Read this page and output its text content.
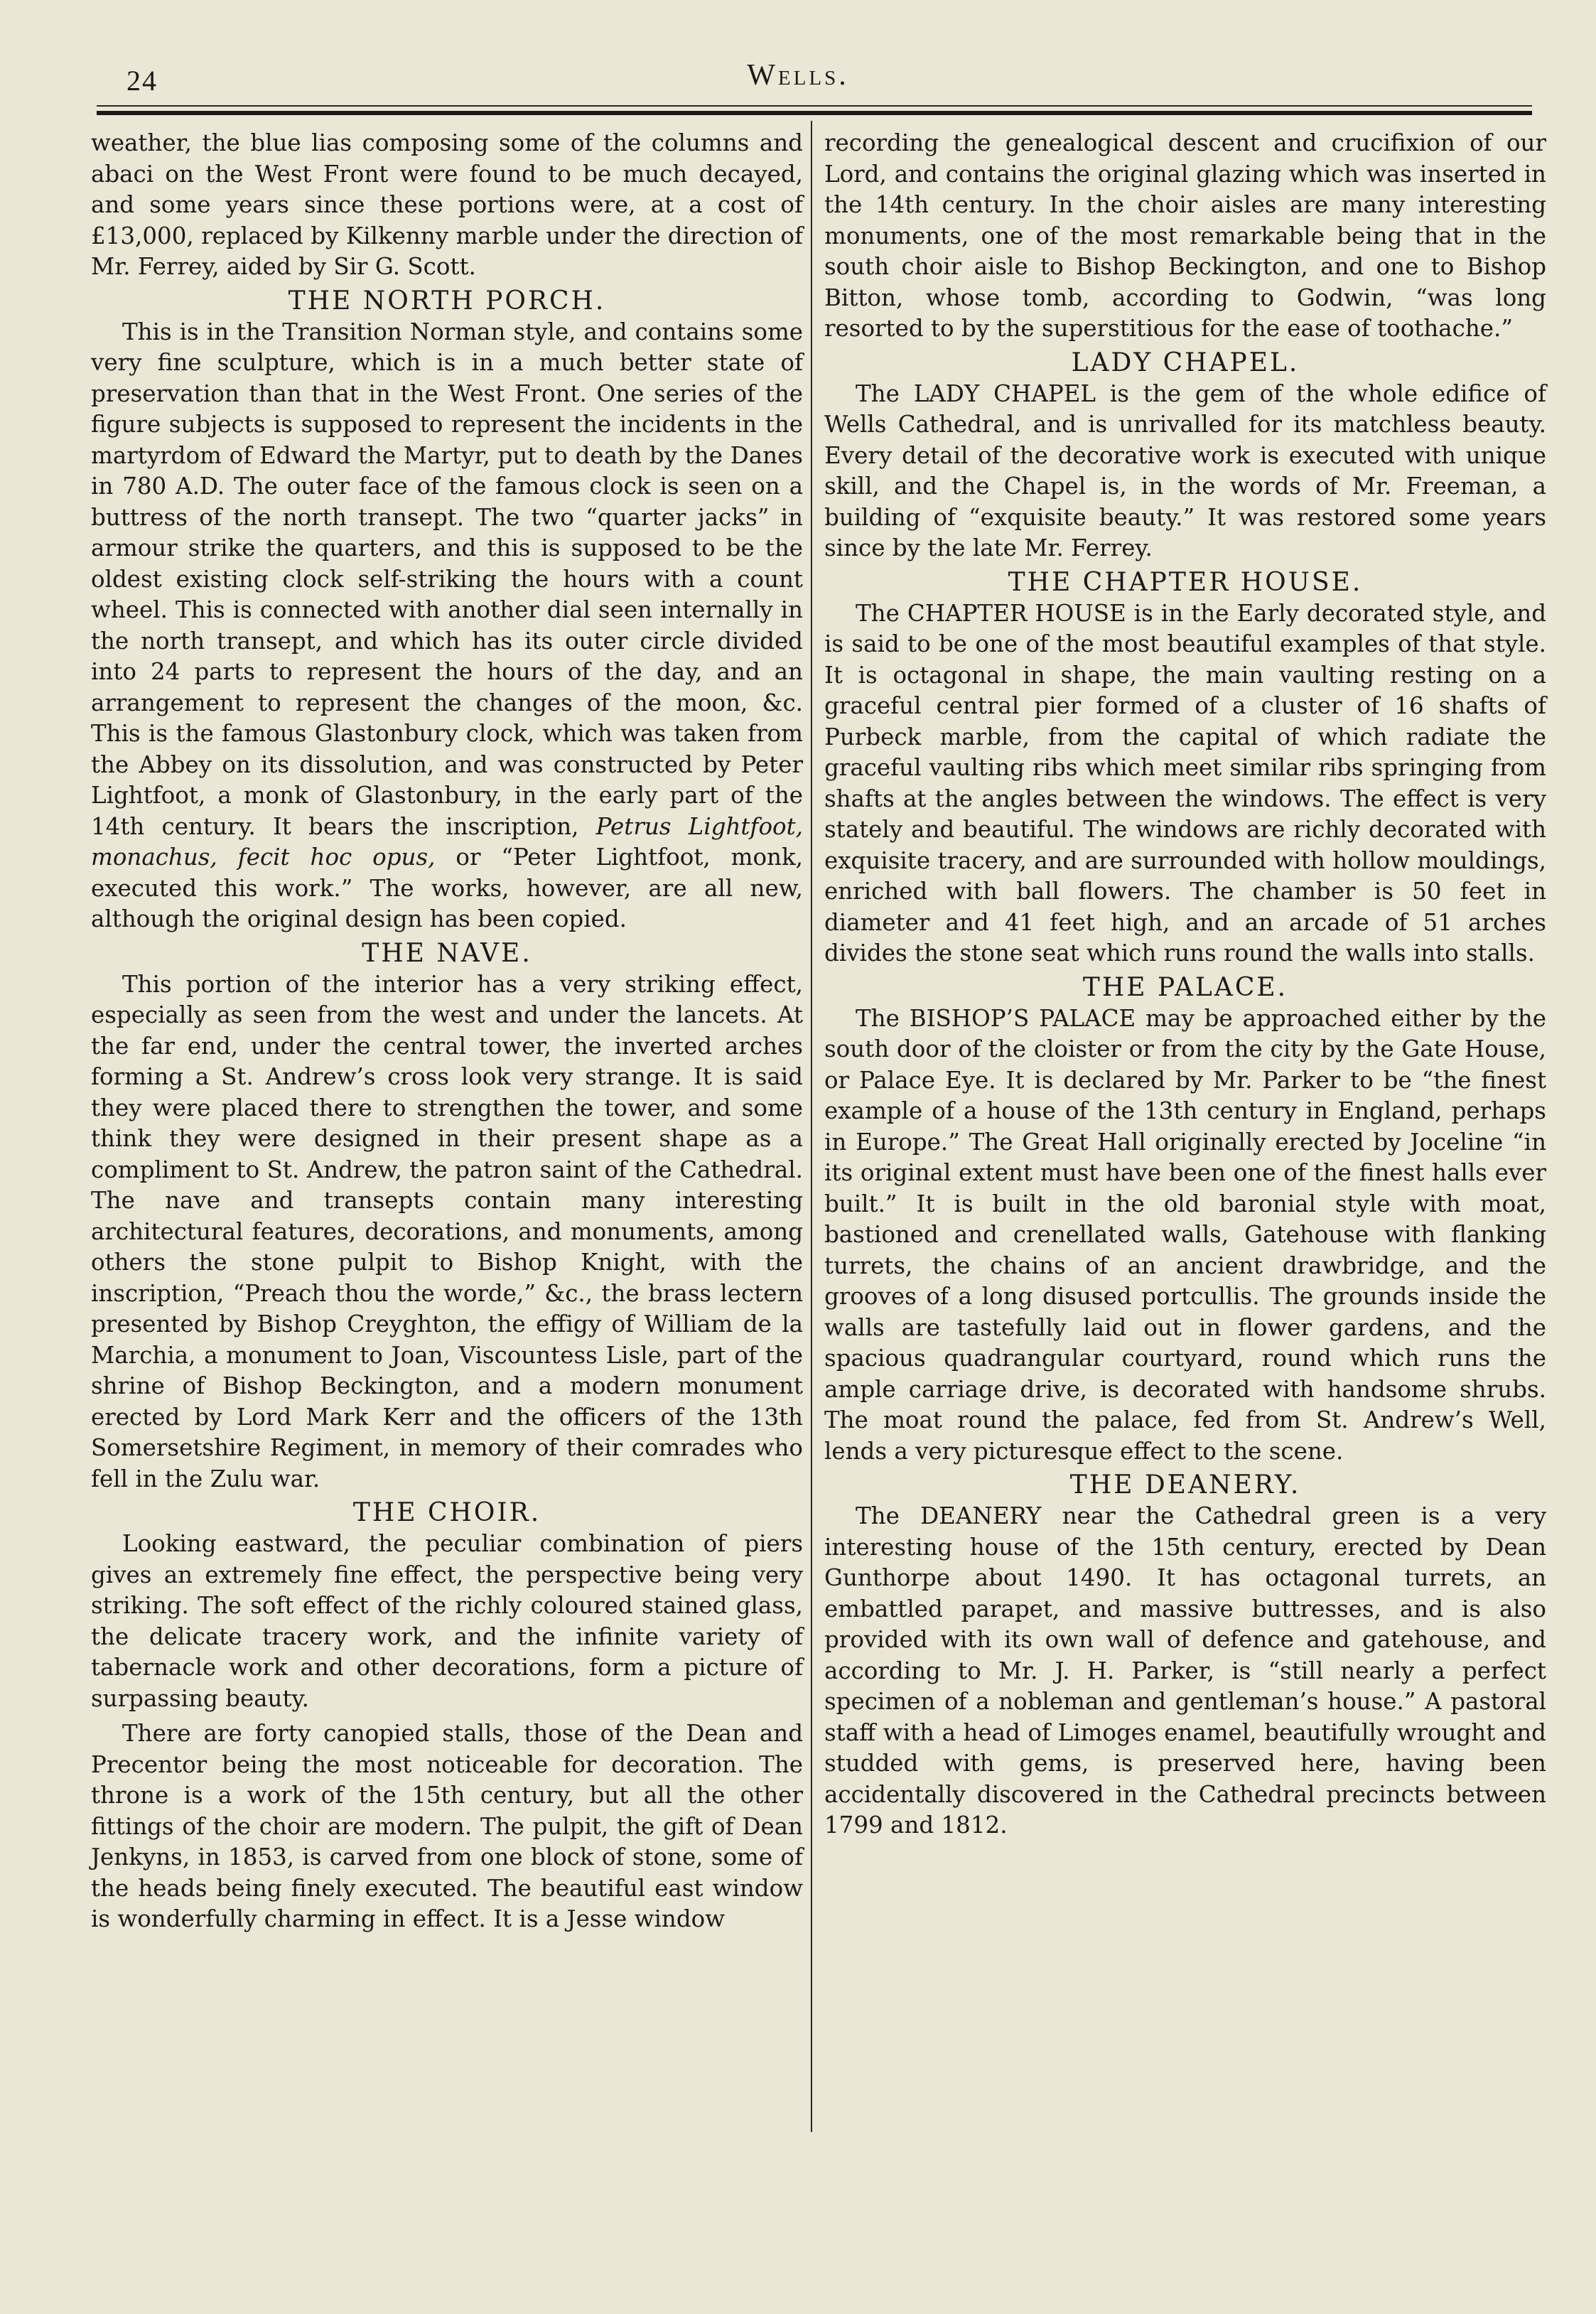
24	Wells.

weather, the blue lias composing some of the columns and abaci on the West Front were found to be much decayed, and some years since these portions were, at a cost of £13,000, replaced by Kilkenny marble under the direction of Mr. Ferrey, aided by Sir G. Scott.

THE NORTH PORCH.

This is in the Transition Norman style, and contains some very fine sculpture, which is in a much better state of preservation than that in the West Front. One series of the figure subjects is supposed to represent the incidents in the martyrdom of Edward the Martyr, put to death by the Danes in 780 A.D. The outer face of the famous clock is seen on a buttress of the north transept. The two “quarter jacks” in armour strike the quarters, and this is supposed to be the oldest existing clock self-striking the hours with a count wheel. This is connected with another dial seen internally in the north transept, and which has its outer circle divided into 24 parts to represent the hours of the day, and an arrangement to represent the changes of the moon, &c. This is the famous Glastonbury clock, which was taken from the Abbey on its dissolution, and was constructed by Peter Lightfoot, a monk of Glastonbury, in the early part of the 14th century. It bears the inscription, Petrus Lightfoot, monachus, fecit hoc opus, or “Peter Lightfoot, monk, executed this work.” The works, however, are all new, although the original design has been copied.

THE NAVE.

This portion of the interior has a very striking effect, especially as seen from the west and under the lancets. At the far end, under the central tower, the inverted arches forming a St. Andrew’s cross look very strange. It is said they were placed there to strengthen the tower, and some think they were designed in their present shape as a compliment to St. Andrew, the patron saint of the Cathedral. The nave and transepts contain many interesting architectural features, decorations, and monuments, among others the stone pulpit to Bishop Knight, with the inscription, “Preach thou the worde,” &c., the brass lectern presented by Bishop Creyghton, the effigy of William de la Marchia, a monument to Joan, Viscountess Lisle, part of the shrine of Bishop Beckington, and a modern monument erected by Lord Mark Kerr and the officers of the 13th Somersetshire Regiment, in memory of their comrades who fell in the Zulu war.

THE CHOIR.

Looking eastward, the peculiar combination of piers gives an extremely fine effect, the perspective being very striking. The soft effect of the richly coloured stained glass, the delicate tracery work, and the infinite variety of tabernacle work and other decorations, form a picture of surpassing beauty.

There are forty canopied stalls, those of the Dean and Precentor being the most noticeable for decoration. The throne is a work of the 15th century, but all the other fittings of the choir are modern. The pulpit, the gift of Dean Jenkyns, in 1853, is carved from one block of stone, some of the heads being finely executed. The beautiful east window is wonderfully charming in effect. It is a Jesse window

recording the genealogical descent and crucifixion of our Lord, and contains the original glazing which was inserted in the 14th century. In the choir aisles are many interesting monuments, one of the most remarkable being that in the south choir aisle to Bishop Beckington, and one to Bishop Bitton, whose tomb, according to Godwin, “was long resorted to by the superstitious for the ease of toothache.”

LADY CHAPEL.

The LADY CHAPEL is the gem of the whole edifice of Wells Cathedral, and is unrivalled for its matchless beauty. Every detail of the decorative work is executed with unique skill, and the Chapel is, in the words of Mr. Freeman, a building of “exquisite beauty.” It was restored some years since by the late Mr. Ferrey.

THE CHAPTER HOUSE.

The CHAPTER HOUSE is in the Early decorated style, and is said to be one of the most beautiful examples of that style. It is octagonal in shape, the main vaulting resting on a graceful central pier formed of a cluster of 16 shafts of Purbeck marble, from the capital of which radiate the graceful vaulting ribs which meet similar ribs springing from shafts at the angles between the windows. The effect is very stately and beautiful. The windows are richly decorated with exquisite tracery, and are surrounded with hollow mouldings, enriched with ball flowers. The chamber is 50 feet in diameter and 41 feet high, and an arcade of 51 arches divides the stone seat which runs round the walls into stalls.

THE PALACE.

The BISHOP’S PALACE may be approached either by the south door of the cloister or from the city by the Gate House, or Palace Eye. It is declared by Mr. Parker to be “the finest example of a house of the 13th century in England, perhaps in Europe.” The Great Hall originally erected by Joceline “in its original extent must have been one of the finest halls ever built.” It is built in the old baronial style with moat, bastioned and crenellated walls, Gatehouse with flanking turrets, the chains of an ancient drawbridge, and the grooves of a long disused portcullis. The grounds inside the walls are tastefully laid out in flower gardens, and the spacious quadrangular courtyard, round which runs the ample carriage drive, is decorated with handsome shrubs. The moat round the palace, fed from St. Andrew’s Well, lends a very picturesque effect to the scene.

THE DEANERY.

The DEANERY near the Cathedral green is a very interesting house of the 15th century, erected by Dean Gunthorpe about 1490. It has octagonal turrets, an embattled parapet, and massive buttresses, and is also provided with its own wall of defence and gatehouse, and according to Mr. J. H. Parker, is “still nearly a perfect specimen of a nobleman and gentleman’s house.” A pastoral staff with a head of Limoges enamel, beautifully wrought and studded with gems, is preserved here, having been accidentally discovered in the Cathedral precincts between 1799 and 1812.
